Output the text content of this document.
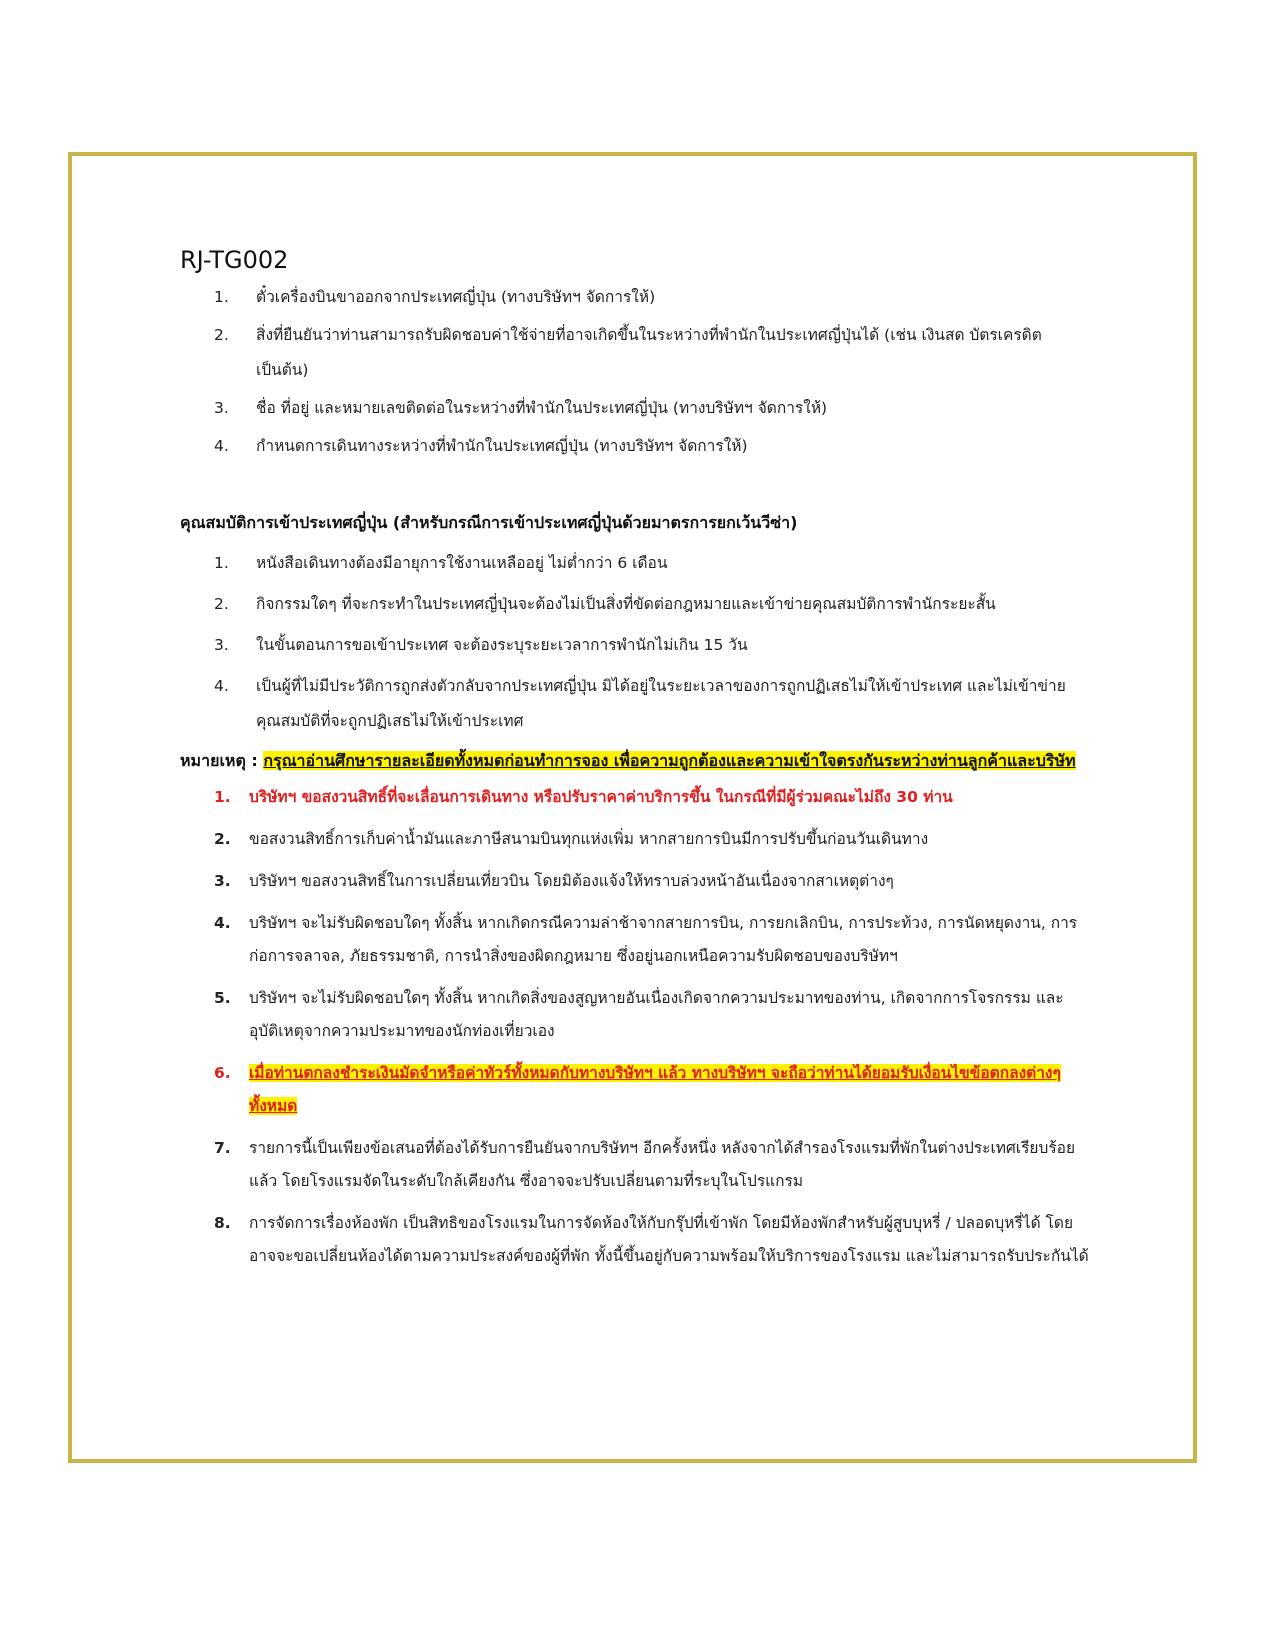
RJ-TG002
1. ตั๋วเครื่องบินขาออกจากประเทศญี่ปุ่น (ทางบริษัทฯ จัดการให้)
2. สิ่งที่ยืนยันว่าท่านสามารถรับผิดชอบค่าใช้จ่ายที่อาจเกิดขึ้นในระหว่างที่พำนักในประเทศญี่ปุ่นได้ (เช่น เงินสด บัตรเครดิต เป็นต้น)
3. ชื่อ ที่อยู่ และหมายเลขติดต่อในระหว่างที่พำนักในประเทศญี่ปุ่น (ทางบริษัทฯ จัดการให้)
4. กำหนดการเดินทางระหว่างที่พำนักในประเทศญี่ปุ่น (ทางบริษัทฯ จัดการให้)
คุณสมบัติการเข้าประเทศญี่ปุ่น (สำหรับกรณีการเข้าประเทศญี่ปุ่นด้วยมาตรการยกเว้นวีซ่า)
1. หนังสือเดินทางต้องมีอายุการใช้งานเหลืออยู่ ไม่ต่ำกว่า 6 เดือน
2. กิจกรรมใดๆ ที่จะกระทำในประเทศญี่ปุ่นจะต้องไม่เป็นสิ่งที่ขัดต่อกฎหมายและเข้าข่ายคุณสมบัติการพำนักระยะสั้น
3. ในขั้นตอนการขอเข้าประเทศ จะต้องระบุระยะเวลาการพำนักไม่เกิน 15 วัน
4. เป็นผู้ที่ไม่มีประวัติการถูกส่งตัวกลับจากประเทศญี่ปุ่น มิได้อยู่ในระยะเวลาของการถูกปฏิเสธไม่ให้เข้าประเทศ และไม่เข้าข่ายคุณสมบัติที่จะถูกปฏิเสธไม่ให้เข้าประเทศ
หมายเหตุ : กรุณาอ่านศึกษารายละเอียดทั้งหมดก่อนทำการจอง เพื่อความถูกต้องและความเข้าใจตรงกันระหว่างท่านลูกค้าและบริษัท
1. บริษัทฯ ขอสงวนสิทธิ์ที่จะเลื่อนการเดินทาง หรือปรับราคาค่าบริการขึ้น ในกรณีที่มีผู้ร่วมคณะไม่ถึง 30 ท่าน
2. ขอสงวนสิทธิ์การเก็บค่าน้ำมันและภาษีสนามบินทุกแห่งเพิ่ม หากสายการบินมีการปรับขึ้นก่อนวันเดินทาง
3. บริษัทฯ ขอสงวนสิทธิ์ในการเปลี่ยนเที่ยวบิน โดยมิต้องแจ้งให้ทราบล่วงหน้าอันเนื่องจากสาเหตุต่างๆ
4. บริษัทฯ จะไม่รับผิดชอบใดๆ ทั้งสิ้น หากเกิดกรณีความล่าช้าจากสายการบิน, การยกเลิกบิน, การประท้วง, การนัดหยุดงาน, การก่อการจลาจล, ภัยธรรมชาติ, การนำสิ่งของผิดกฎหมาย ซึ่งอยู่นอกเหนือความรับผิดชอบของบริษัทฯ
5. บริษัทฯ จะไม่รับผิดชอบใดๆ ทั้งสิ้น หากเกิดสิ่งของสูญหายอันเนื่องเกิดจากความประมาทของท่าน, เกิดจากการโจรกรรม และอุบัติเหตุจากความประมาทของนักท่องเที่ยวเอง
6. เมื่อท่านตกลงชำระเงินมัดจำหรือค่าทัวร์ทั้งหมดกับทางบริษัทฯ แล้ว ทางบริษัทฯ จะถือว่าท่านได้ยอมรับเงื่อนไขข้อตกลงต่างๆ ทั้งหมด
7. รายการนี้เป็นเพียงข้อเสนอที่ต้องได้รับการยืนยันจากบริษัทฯ อีกครั้งหนึ่ง หลังจากได้สำรองโรงแรมที่พักในต่างประเทศเรียบร้อยแล้ว โดยโรงแรมจัดในระดับใกล้เคียงกัน ซึ่งอาจจะปรับเปลี่ยนตามที่ระบุในโปรแกรม
8. การจัดการเรื่องห้องพัก เป็นสิทธิของโรงแรมในการจัดห้องให้กับกรุ๊ปที่เข้าพัก โดยมีห้องพักสำหรับผู้สูบบุหรี่ / ปลอดบุหรี่ได้ โดยอาจจะขอเปลี่ยนห้องได้ตามความประสงค์ของผู้ที่พัก ทั้งนี้ขึ้นอยู่กับความพร้อมให้บริการของโรงแรม และไม่สามารถรับประกันได้
